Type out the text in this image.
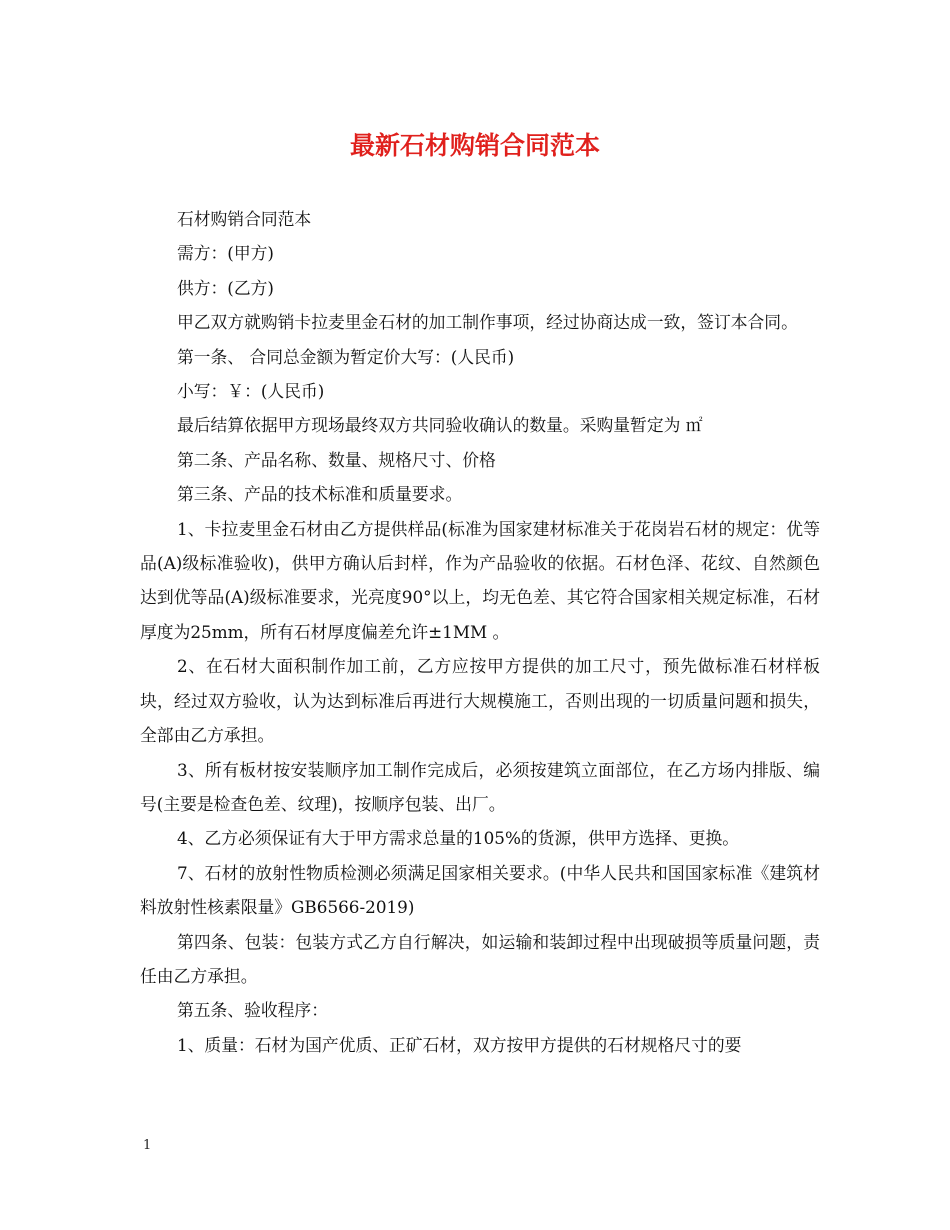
最新石材购销合同范本

石材购销合同范本

需方：(甲方)

供方：(乙方)

甲乙双方就购销卡拉麦里金石材的加工制作事项，经过协商达成一致，签订本合同。

第一条、 合同总金额为暂定价大写：(人民币)

小写：￥：(人民币)

最后结算依据甲方现场最终双方共同验收确认的数量。采购量暂定为 ㎡

第二条、产品名称、数量、规格尺寸、价格

第三条、产品的技术标准和质量要求。

1、卡拉麦里金石材由乙方提供样品(标准为国家建材标准关于花岗岩石材的规定：优等品(A)级标准验收)，供甲方确认后封样，作为产品验收的依据。石材色泽、花纹、自然颜色达到优等品(A)级标准要求，光亮度90°以上，均无色差、其它符合国家相关规定标准，石材厚度为25mm，所有石材厚度偏差允许±1MM 。

2、在石材大面积制作加工前，乙方应按甲方提供的加工尺寸，预先做标准石材样板块，经过双方验收，认为达到标准后再进行大规模施工，否则出现的一切质量问题和损失，全部由乙方承担。

3、所有板材按安装顺序加工制作完成后，必须按建筑立面部位，在乙方场内排版、编号(主要是检查色差、纹理)，按顺序包装、出厂。

4、乙方必须保证有大于甲方需求总量的105%的货源，供甲方选择、更换。

7、石材的放射性物质检测必须满足国家相关要求。(中华人民共和国国家标准《建筑材料放射性核素限量》GB6566-2019)

第四条、包装：包装方式乙方自行解决，如运输和装卸过程中出现破损等质量问题，责任由乙方承担。

第五条、验收程序：

1、质量：石材为国产优质、正矿石材，双方按甲方提供的石材规格尺寸的要

1
